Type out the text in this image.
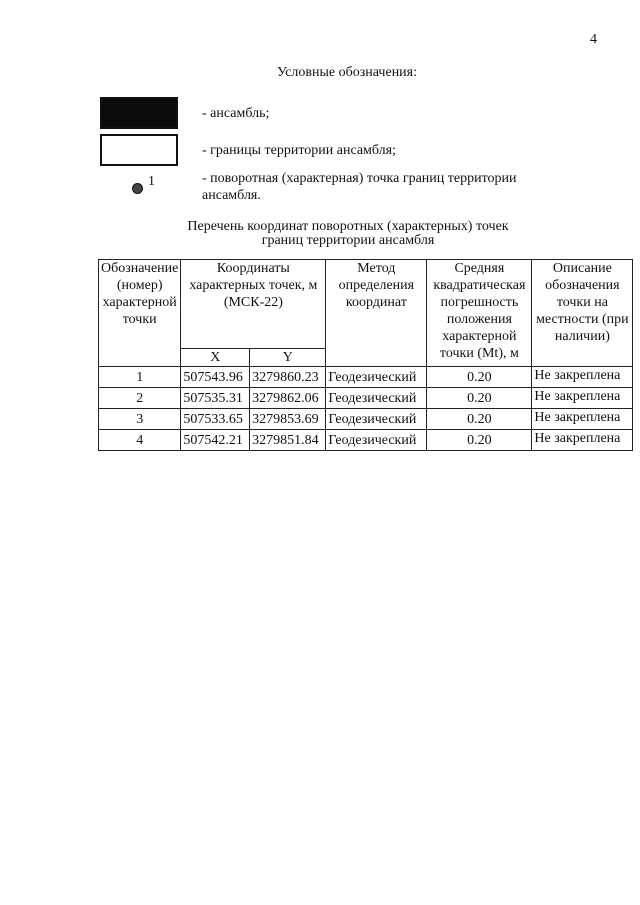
4
Условные обозначения:
- ансамбль;
- границы территории ансамбля;
1	- поворотная (характерная) точка границ территории ансамбля.
Перечень координат поворотных (характерных) точек
границ территории ансамбля
Обозначение (номер) характерной точки	Координаты характерных точек, м (МСК-22)		Метод определения координат	Средняя квадратическая погрешность положения характерной точки (Mt), м	Описание обозначения точки на местности (при наличии)
	X	Y			
1	507543.96	3279860.23	Геодезический	0.20	Не закреплена
2	507535.31	3279862.06	Геодезический	0.20	Не закреплена
3	507533.65	3279853.69	Геодезический	0.20	Не закреплена
4	507542.21	3279851.84	Геодезический	0.20	Не закреплена
